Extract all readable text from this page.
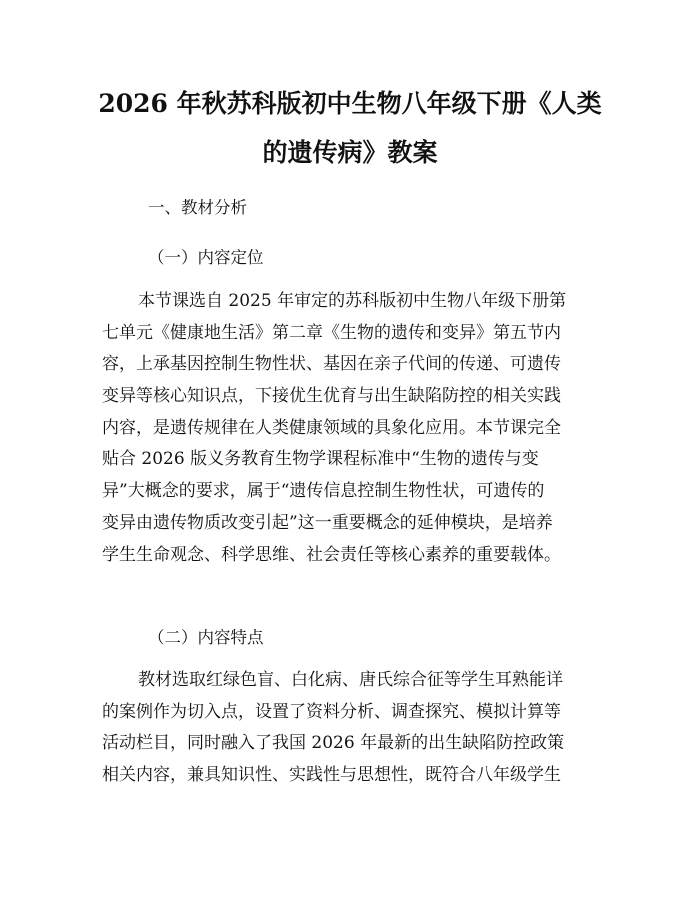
2026 年秋苏科版初中生物八年级下册《人类
的遗传病》教案
一、教材分析
（一）内容定位
本节课选自 2025 年审定的苏科版初中生物八年级下册第
七单元《健康地生活》第二章《生物的遗传和变异》第五节内
容，上承基因控制生物性状、基因在亲子代间的传递、可遗传
变异等核心知识点，下接优生优育与出生缺陷防控的相关实践
内容，是遗传规律在人类健康领域的具象化应用。本节课完全
贴合 2026 版义务教育生物学课程标准中“生物的遗传与变
异”大概念的要求，属于“遗传信息控制生物性状，可遗传的
变异由遗传物质改变引起”这一重要概念的延伸模块，是培养
学生生命观念、科学思维、社会责任等核心素养的重要载体。
（二）内容特点
教材选取红绿色盲、白化病、唐氏综合征等学生耳熟能详
的案例作为切入点，设置了资料分析、调查探究、模拟计算等
活动栏目，同时融入了我国 2026 年最新的出生缺陷防控政策
相关内容，兼具知识性、实践性与思想性，既符合八年级学生
